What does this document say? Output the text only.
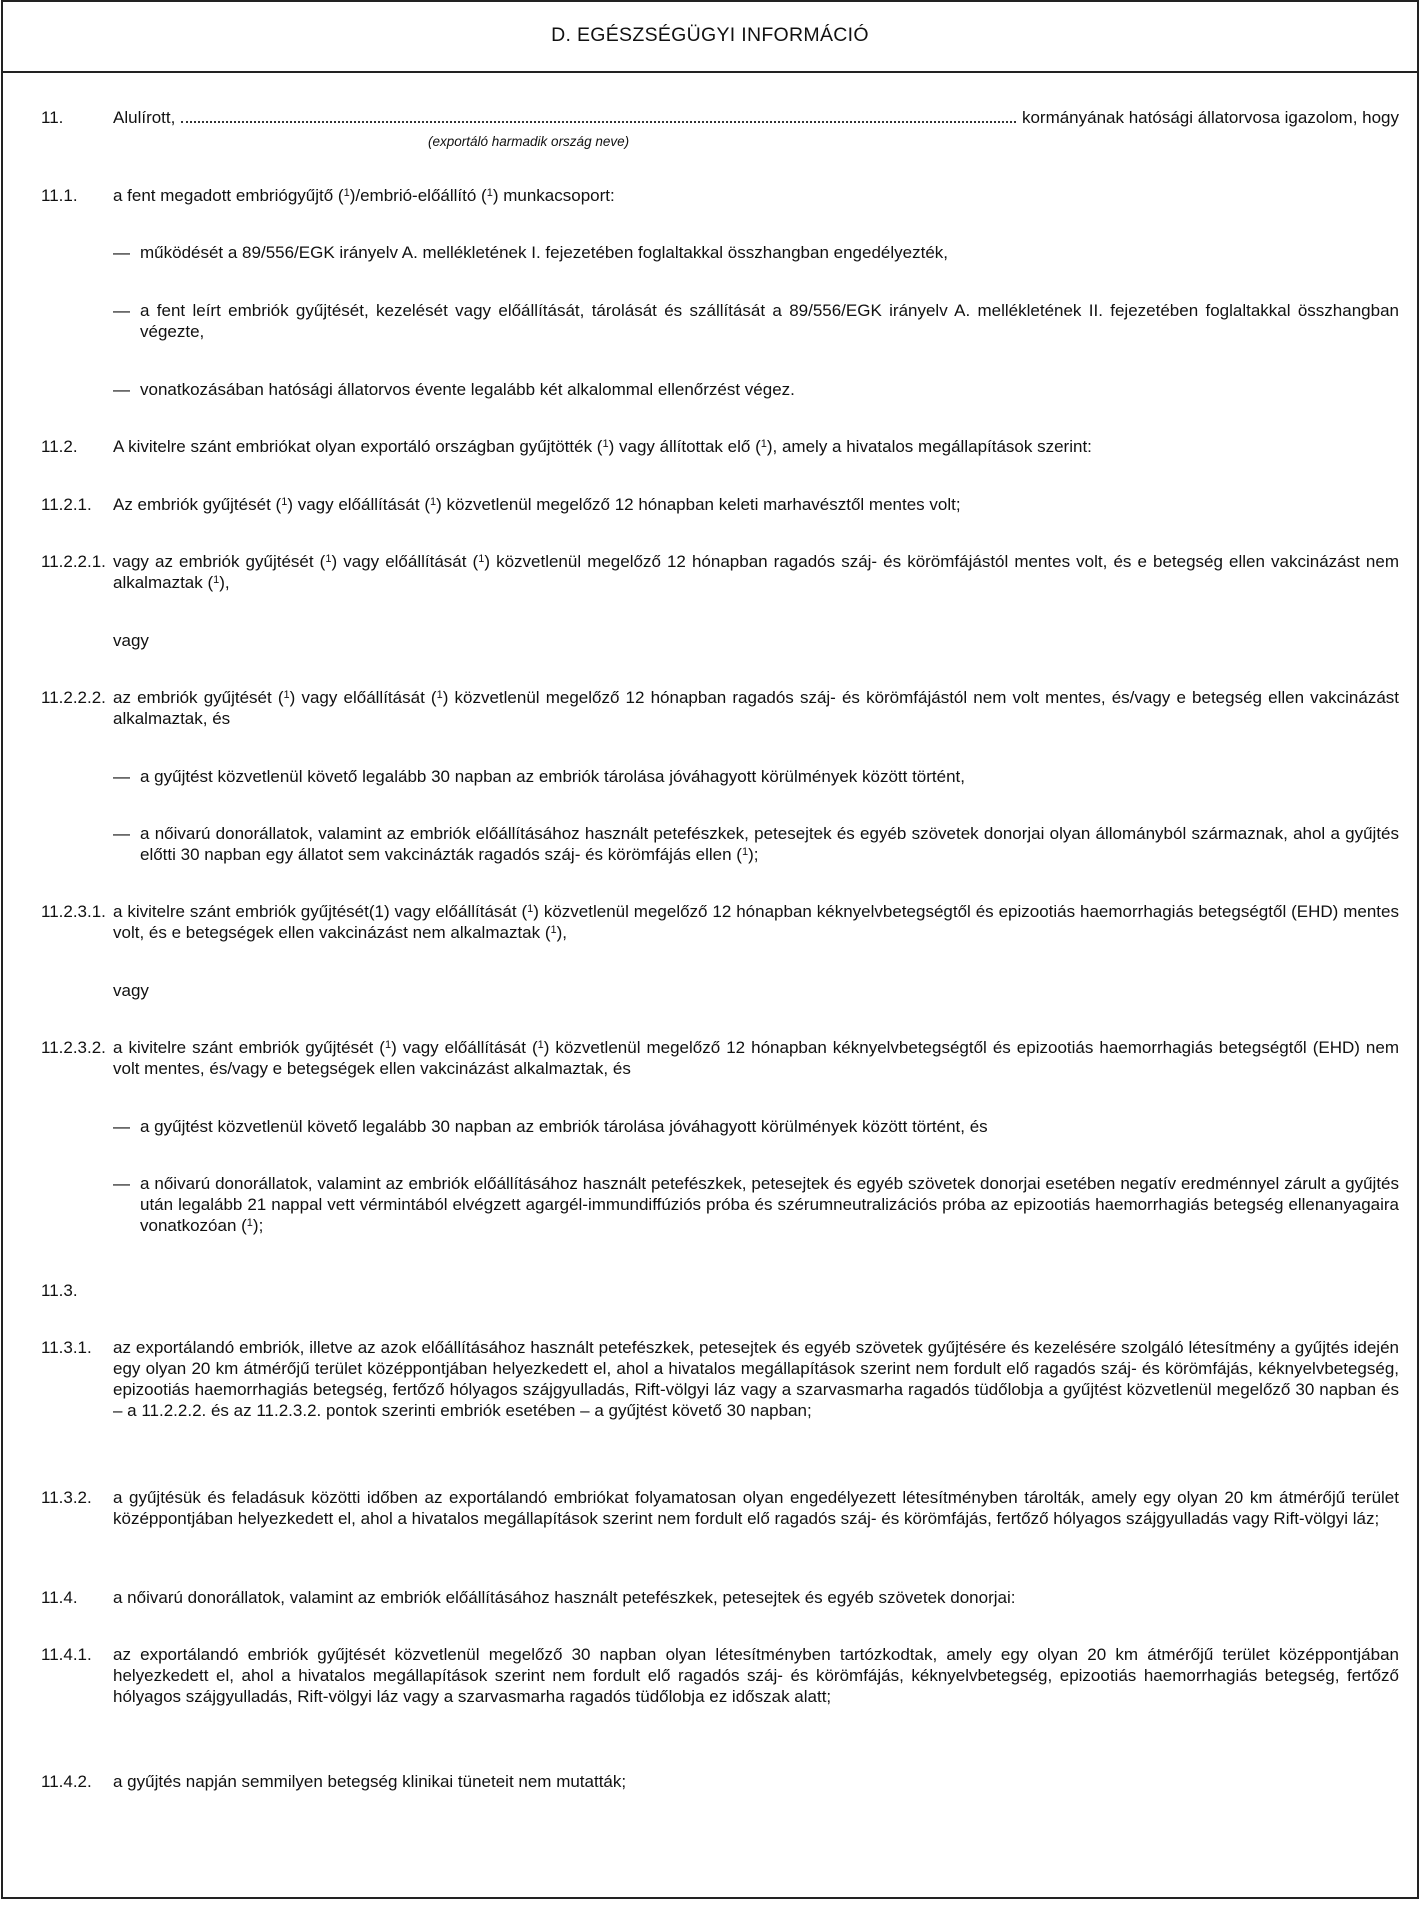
D. EGÉSZSÉGÜGYI INFORMÁCIÓ
11.	Alulírott,	kormányának hatósági állatorvosa igazolom, hogy
(exportáló harmadik ország neve)
11.1. a fent megadott embriógyűjtő ($^1$)/embrió-előállító ($^1$) munkacsoport:
— működését a 89/556/EGK irányelv A. mellékletének I. fejezetében foglaltakkal összhangban engedélyezték,
— a fent leírt embriók gyűjtését, kezelését vagy előállítását, tárolását és szállítását a 89/556/EGK irányelv A. mellékletének II. fejezetében foglaltakkal összhangban végezte,
— vonatkozásában hatósági állatorvos évente legalább két alkalommal ellenőrzést végez.
11.2. A kivitelre szánt embriókat olyan exportáló országban gyűjtötték ($^1$) vagy állítottak elő ($^1$), amely a hivatalos megállapítások szerint:
11.2.1. Az embriók gyűjtését ($^1$) vagy előállítását ($^1$) közvetlenül megelőző 12 hónapban keleti marhavésztől mentes volt;
11.2.2.1. vagy az embriók gyűjtését ($^1$) vagy előállítását ($^1$) közvetlenül megelőző 12 hónapban ragadós száj- és körömfájástól mentes volt, és e betegség ellen vakcinázást nem alkalmaztak ($^1$),
vagy
11.2.2.2. az embriók gyűjtését ($^1$) vagy előállítását ($^1$) közvetlenül megelőző 12 hónapban ragadós száj- és körömfájástól nem volt mentes, és/vagy e betegség ellen vakcinázást alkalmaztak, és
— a gyűjtést közvetlenül követő legalább 30 napban az embriók tárolása jóváhagyott körülmények között történt,
— a nőivarú donorállatok, valamint az embriók előállításához használt petefészkek, petesejtek és egyéb szövetek donorjai olyan állományból származnak, ahol a gyűjtés előtti 30 napban egy állatot sem vakcinázták ragadós száj- és körömfájás ellen ($^1$);
11.2.3.1. a kivitelre szánt embriók gyűjtését(1) vagy előállítását ($^1$) közvetlenül megelőző 12 hónapban kéknyelvbetegségtől és epizootiás haemorrhagiás betegségtől (EHD) mentes volt, és e betegségek ellen vakcinázást nem alkalmaztak ($^1$),
vagy
11.2.3.2. a kivitelre szánt embriók gyűjtését ($^1$) vagy előállítását ($^1$) közvetlenül megelőző 12 hónapban kéknyelvbetegségtől és epizootiás haemorrhagiás betegségtől (EHD) nem volt mentes, és/vagy e betegségek ellen vakcinázást alkalmaztak, és
— a gyűjtést közvetlenül követő legalább 30 napban az embriók tárolása jóváhagyott körülmények között történt, és
— a nőivarú donorállatok, valamint az embriók előállításához használt petefészkek, petesejtek és egyéb szövetek donorjai esetében negatív eredménnyel zárult a gyűjtés után legalább 21 nappal vett vérmintából elvégzett agargél-immundiffúziós próba és szérumneutralizációs próba az epizootiás haemorrhagiás betegség ellenanyagaira vonatkozóan ($^1$);
11.3.
11.3.1. az exportálandó embriók, illetve az azok előállításához használt petefészkek, petesejtek és egyéb szövetek gyűjtésére és kezelésére szolgáló létesítmény a gyűjtés idején egy olyan 20 km átmérőjű terület középpontjában helyezkedett el, ahol a hivatalos megállapítások szerint nem fordult elő ragadós száj- és körömfájás, kéknyelvbetegség, epizootiás haemorrhagiás betegség, fertőző hólyagos szájgyulladás, Rift-völgyi láz vagy a szarvasmarha ragadós tüdőlobja a gyűjtést közvetlenül megelőző 30 napban és – a 11.2.2.2. és az 11.2.3.2. pontok szerinti embriók esetében – a gyűjtést követő 30 napban;
11.3.2. a gyűjtésük és feladásuk közötti időben az exportálandó embriókat folyamatosan olyan engedélyezett létesítményben tárolták, amely egy olyan 20 km átmérőjű terület középpontjában helyezkedett el, ahol a hivatalos megállapítások szerint nem fordult elő ragadós száj- és körömfájás, fertőző hólyagos szájgyulladás vagy Rift-völgyi láz;
11.4. a nőivarú donorállatok, valamint az embriók előállításához használt petefészkek, petesejtek és egyéb szövetek donorjai:
11.4.1. az exportálandó embriók gyűjtését közvetlenül megelőző 30 napban olyan létesítményben tartózkodtak, amely egy olyan 20 km átmérőjű terület középpontjában helyezkedett el, ahol a hivatalos megállapítások szerint nem fordult elő ragadós száj- és körömfájás, kéknyelvbetegség, epizootiás haemorrhagiás betegség, fertőző hólyagos szájgyulladás, Rift-völgyi láz vagy a szarvasmarha ragadós tüdőlobja ez időszak alatt;
11.4.2. a gyűjtés napján semmilyen betegség klinikai tüneteit nem mutatták;
